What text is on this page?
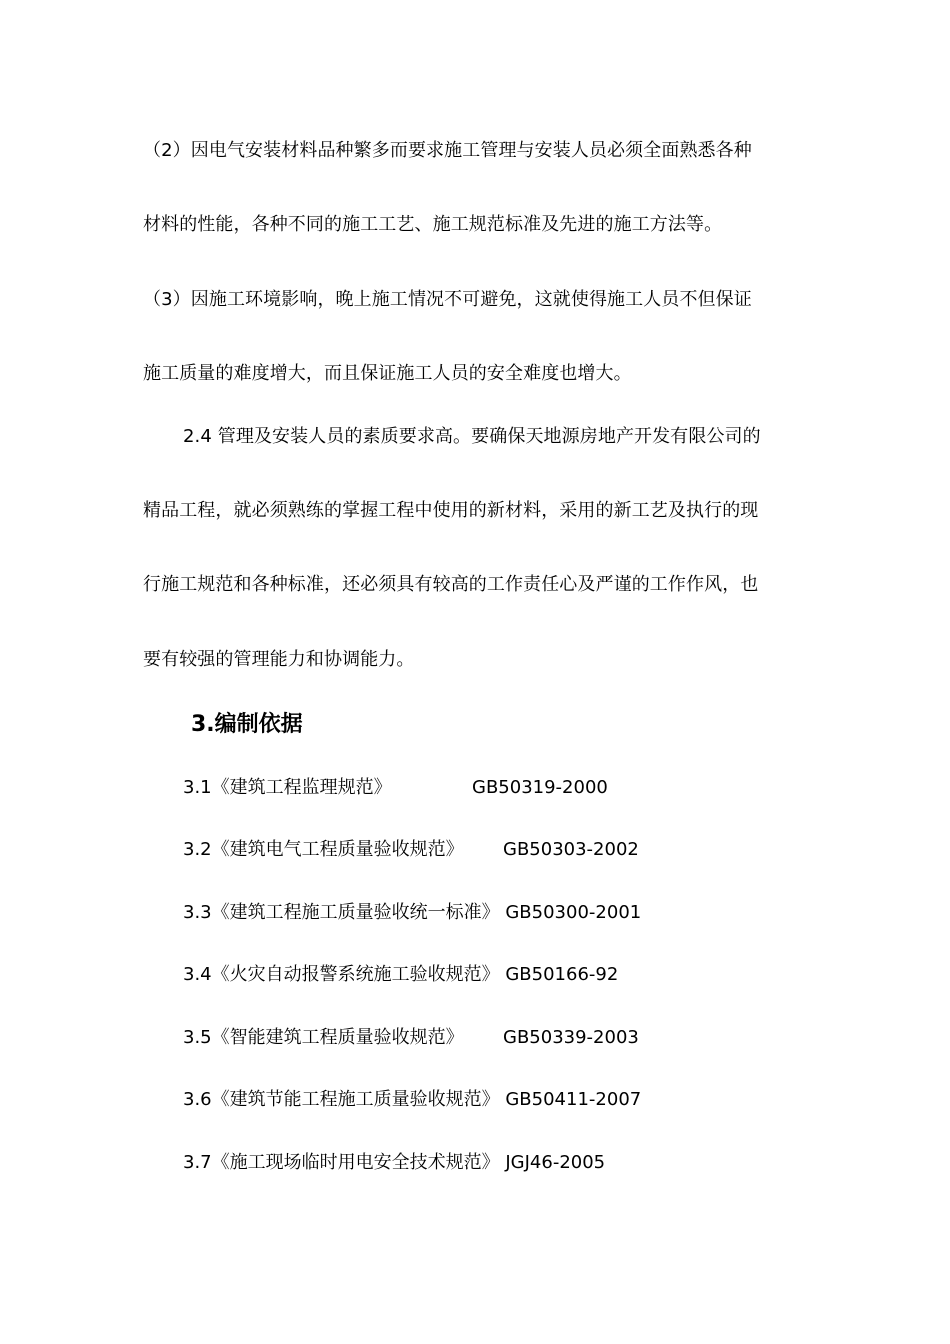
（2）因电气安装材料品种繁多而要求施工管理与安装人员必须全面熟悉各种
材料的性能，各种不同的施工工艺、施工规范标准及先进的施工方法等。
（3）因施工环境影响，晚上施工情况不可避免，这就使得施工人员不但保证
施工质量的难度增大，而且保证施工人员的安全难度也增大。
2.4 管理及安装人员的素质要求高。要确保天地源房地产开发有限公司的
精品工程，就必须熟练的掌握工程中使用的新材料，采用的新工艺及执行的现
行施工规范和各种标准，还必须具有较高的工作责任心及严谨的工作作风，也
要有较强的管理能力和协调能力。
3.编制依据
3.1《建筑工程监理规范》	GB50319-2000
3.2《建筑电气工程质量验收规范》 GB50303-2002
3.3《建筑工程施工质量验收统一标准》 GB50300-2001
3.4《火灾自动报警系统施工验收规范》 GB50166-92
3.5《智能建筑工程质量验收规范》 GB50339-2003
3.6《建筑节能工程施工质量验收规范》 GB50411-2007
3.7《施工现场临时用电安全技术规范》 JGJ46-2005
